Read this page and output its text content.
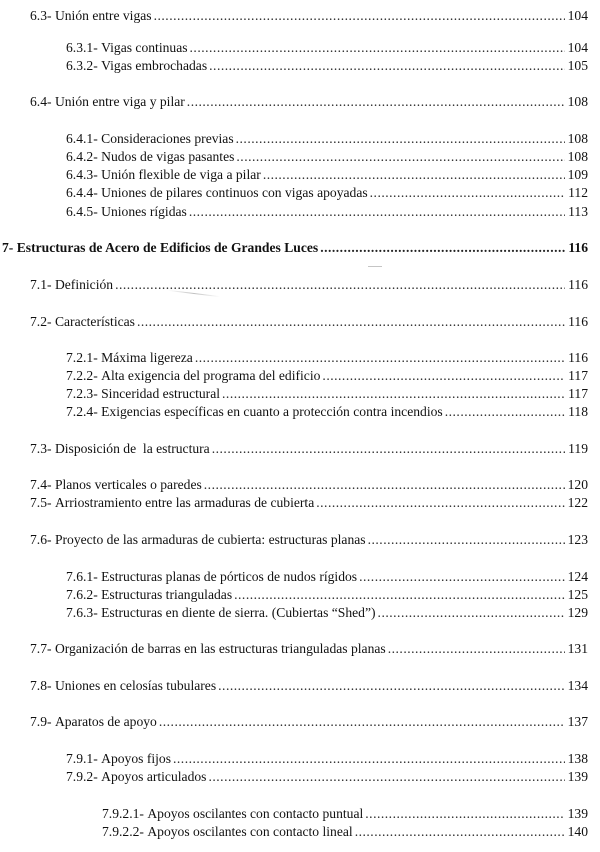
6.3-
Unión entre vigas .....	104
6.3.1-
Vigas continuas .....	104
6.3.2-
Vigas embrochadas .....	105
6.4-
Unión entre viga y pilar .....	108
6.4.1-
Consideraciones previas .....	108
6.4.2-
Nudos de vigas pasantes .....	108
6.4.3-
Unión flexible de viga a pilar .....	109
6.4.4-
Uniones de pilares continuos con vigas apoyadas .....	112
6.4.5-
Uniones rígidas .....	113
7-
Estructuras de Acero de Edificios de Grandes Luces .....	116
7.1-
Definición .....	116
7.2-
Características .....	116
7.2.1-
Máxima ligereza .....	116
7.2.2-
Alta exigencia del programa del edificio .....	117
7.2.3-
Sinceridad estructural .....	117
7.2.4-
Exigencias específicas en cuanto a protección contra incendios .....	118
7.3-
Disposición de  la estructura .....	119
7.4-
Planos verticales o paredes .....	120
7.5-
Arriostramiento entre las armaduras de cubierta .....	122
7.6-
Proyecto de las armaduras de cubierta: estructuras planas .....	123
7.6.1-
Estructuras planas de pórticos de nudos rígidos .....	124
7.6.2-
Estructuras trianguladas .....	125
7.6.3-
Estructuras en diente de sierra. (Cubiertas “Shed”) .....	129
7.7-
Organización de barras en las estructuras trianguladas planas .....	131
7.8-
Uniones en celosías tubulares .....	134
7.9-
Aparatos de apoyo .....	137
7.9.1-
Apoyos fijos .....	138
7.9.2-
Apoyos articulados .....	139
7.9.2.1-
Apoyos oscilantes con contacto puntual .....	139
7.9.2.2-
Apoyos oscilantes con contacto lineal .....	140
